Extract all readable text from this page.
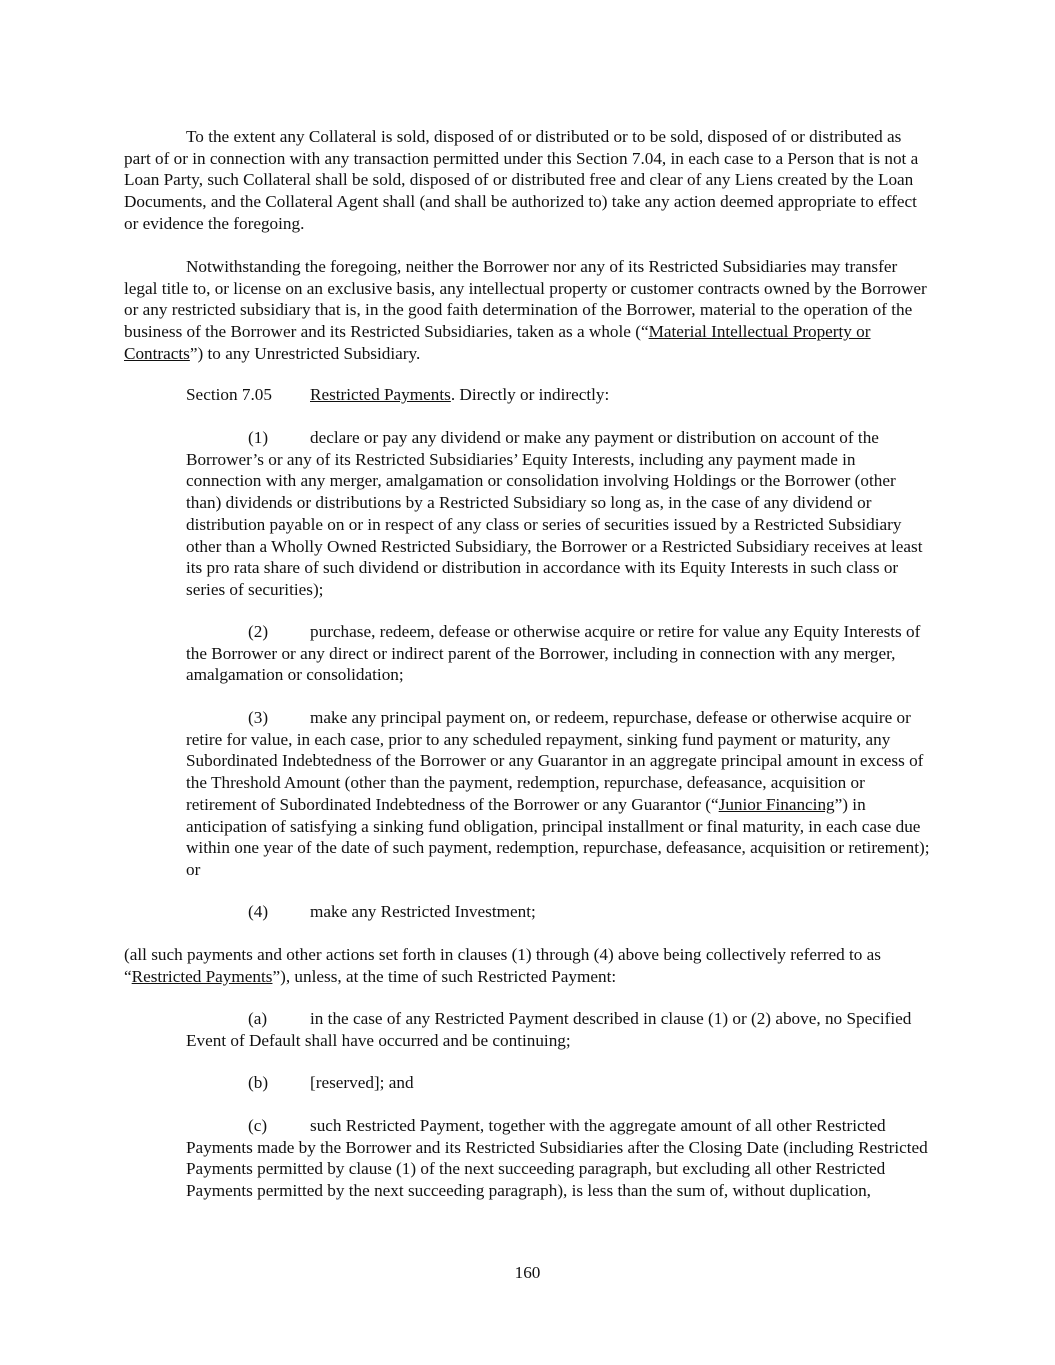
To the extent any Collateral is sold, disposed of or distributed or to be sold, disposed of or distributed as part of or in connection with any transaction permitted under this Section 7.04, in each case to a Person that is not a Loan Party, such Collateral shall be sold, disposed of or distributed free and clear of any Liens created by the Loan Documents, and the Collateral Agent shall (and shall be authorized to) take any action deemed appropriate to effect or evidence the foregoing.

Notwithstanding the foregoing, neither the Borrower nor any of its Restricted Subsidiaries may transfer legal title to, or license on an exclusive basis, any intellectual property or customer contracts owned by the Borrower or any restricted subsidiary that is, in the good faith determination of the Borrower, material to the operation of the business of the Borrower and its Restricted Subsidiaries, taken as a whole (“Material Intellectual Property or Contracts”) to any Unrestricted Subsidiary.

Section 7.05 Restricted Payments. Directly or indirectly:

(1) declare or pay any dividend or make any payment or distribution on account of the Borrower’s or any of its Restricted Subsidiaries’ Equity Interests, including any payment made in connection with any merger, amalgamation or consolidation involving Holdings or the Borrower (other than) dividends or distributions by a Restricted Subsidiary so long as, in the case of any dividend or distribution payable on or in respect of any class or series of securities issued by a Restricted Subsidiary other than a Wholly Owned Restricted Subsidiary, the Borrower or a Restricted Subsidiary receives at least its pro rata share of such dividend or distribution in accordance with its Equity Interests in such class or series of securities);

(2) purchase, redeem, defease or otherwise acquire or retire for value any Equity Interests of the Borrower or any direct or indirect parent of the Borrower, including in connection with any merger, amalgamation or consolidation;

(3) make any principal payment on, or redeem, repurchase, defease or otherwise acquire or retire for value, in each case, prior to any scheduled repayment, sinking fund payment or maturity, any Subordinated Indebtedness of the Borrower or any Guarantor in an aggregate principal amount in excess of the Threshold Amount (other than the payment, redemption, repurchase, defeasance, acquisition or retirement of Subordinated Indebtedness of the Borrower or any Guarantor (“Junior Financing”) in anticipation of satisfying a sinking fund obligation, principal installment or final maturity, in each case due within one year of the date of such payment, redemption, repurchase, defeasance, acquisition or retirement); or

(4) make any Restricted Investment;

(all such payments and other actions set forth in clauses (1) through (4) above being collectively referred to as “Restricted Payments”), unless, at the time of such Restricted Payment:

(a) in the case of any Restricted Payment described in clause (1) or (2) above, no Specified Event of Default shall have occurred and be continuing;

(b) [reserved]; and

(c) such Restricted Payment, together with the aggregate amount of all other Restricted Payments made by the Borrower and its Restricted Subsidiaries after the Closing Date (including Restricted Payments permitted by clause (1) of the next succeeding paragraph, but excluding all other Restricted Payments permitted by the next succeeding paragraph), is less than the sum of, without duplication,

160
